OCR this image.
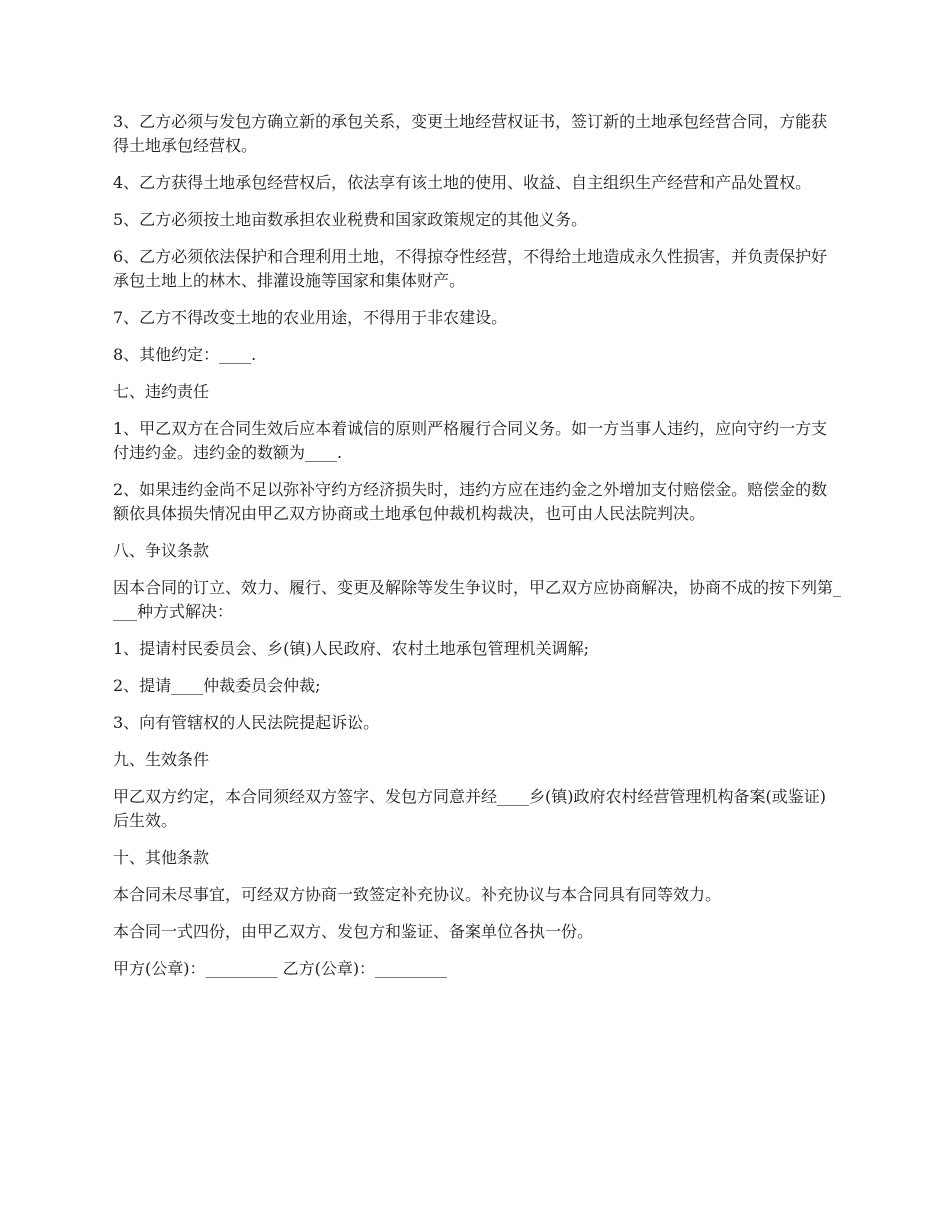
3、乙方必须与发包方确立新的承包关系，变更土地经营权证书，签订新的土地承包经营合同，方能获得土地承包经营权。

4、乙方获得土地承包经营权后，依法享有该土地的使用、收益、自主组织生产经营和产品处置权。

5、乙方必须按土地亩数承担农业税费和国家政策规定的其他义务。

6、乙方必须依法保护和合理利用土地，不得掠夺性经营，不得给土地造成永久性损害，并负责保护好承包土地上的林木、排灌设施等国家和集体财产。

7、乙方不得改变土地的农业用途，不得用于非农建设。

8、其他约定：____.

七、违约责任

1、甲乙双方在合同生效后应本着诚信的原则严格履行合同义务。如一方当事人违约，应向守约一方支付违约金。违约金的数额为____.

2、如果违约金尚不足以弥补守约方经济损失时，违约方应在违约金之外增加支付赔偿金。赔偿金的数额依具体损失情况由甲乙双方协商或土地承包仲裁机构裁决，也可由人民法院判决。

八、争议条款

因本合同的订立、效力、履行、变更及解除等发生争议时，甲乙双方应协商解决，协商不成的按下列第____种方式解决：

1、提请村民委员会、乡(镇)人民政府、农村土地承包管理机关调解;

2、提请____仲裁委员会仲裁;

3、向有管辖权的人民法院提起诉讼。

九、生效条件

甲乙双方约定，本合同须经双方签字、发包方同意并经____乡(镇)政府农村经营管理机构备案(或鉴证)后生效。

十、其他条款

本合同未尽事宜，可经双方协商一致签定补充协议。补充协议与本合同具有同等效力。

本合同一式四份，由甲乙双方、发包方和鉴证、备案单位各执一份。

甲方(公章)：_________ 乙方(公章)：_________
